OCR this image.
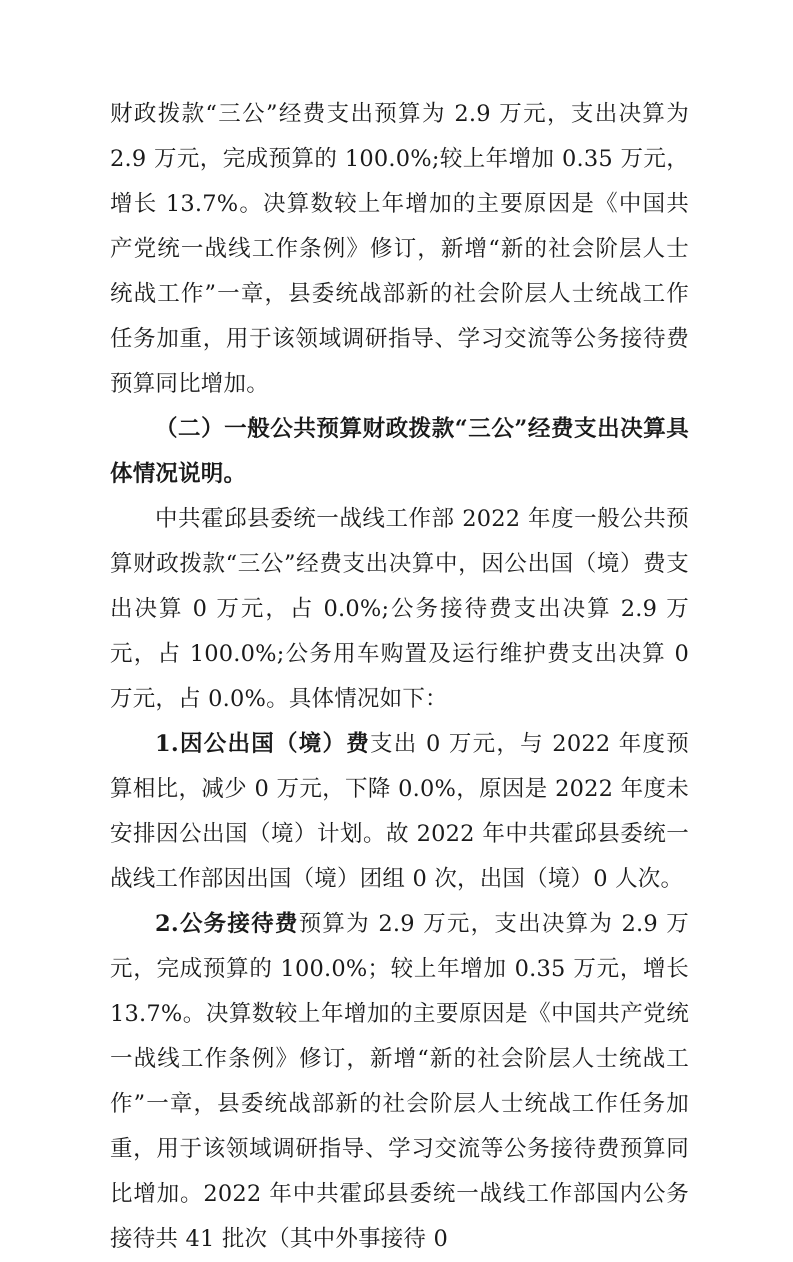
财政拨款“三公”经费支出预算为 2.9 万元，支出决算为 2.9 万元，完成预算的 100.0%;较上年增加 0.35 万元，增长 13.7%。决算数较上年增加的主要原因是《中国共产党统一战线工作条例》修订，新增“新的社会阶层人士统战工作”一章，县委统战部新的社会阶层人士统战工作任务加重，用于该领域调研指导、学习交流等公务接待费预算同比增加。

（二）一般公共预算财政拨款“三公”经费支出决算具体情况说明。

中共霍邱县委统一战线工作部 2022 年度一般公共预算财政拨款“三公”经费支出决算中，因公出国（境）费支出决算 0 万元，占 0.0%;公务接待费支出决算 2.9 万元，占 100.0%;公务用车购置及运行维护费支出决算 0 万元，占 0.0%。具体情况如下：

1.因公出国（境）费支出 0 万元，与 2022 年度预算相比，减少 0 万元，下降 0.0%，原因是 2022 年度未安排因公出国（境）计划。故 2022 年中共霍邱县委统一战线工作部因出国（境）团组 0 次，出国（境）0 人次。

2.公务接待费预算为 2.9 万元，支出决算为 2.9 万元，完成预算的 100.0%；较上年增加 0.35 万元，增长 13.7%。决算数较上年增加的主要原因是《中国共产党统一战线工作条例》修订，新增“新的社会阶层人士统战工作”一章，县委统战部新的社会阶层人士统战工作任务加重，用于该领域调研指导、学习交流等公务接待费预算同比增加。2022 年中共霍邱县委统一战线工作部国内公务接待共 41 批次（其中外事接待 0
